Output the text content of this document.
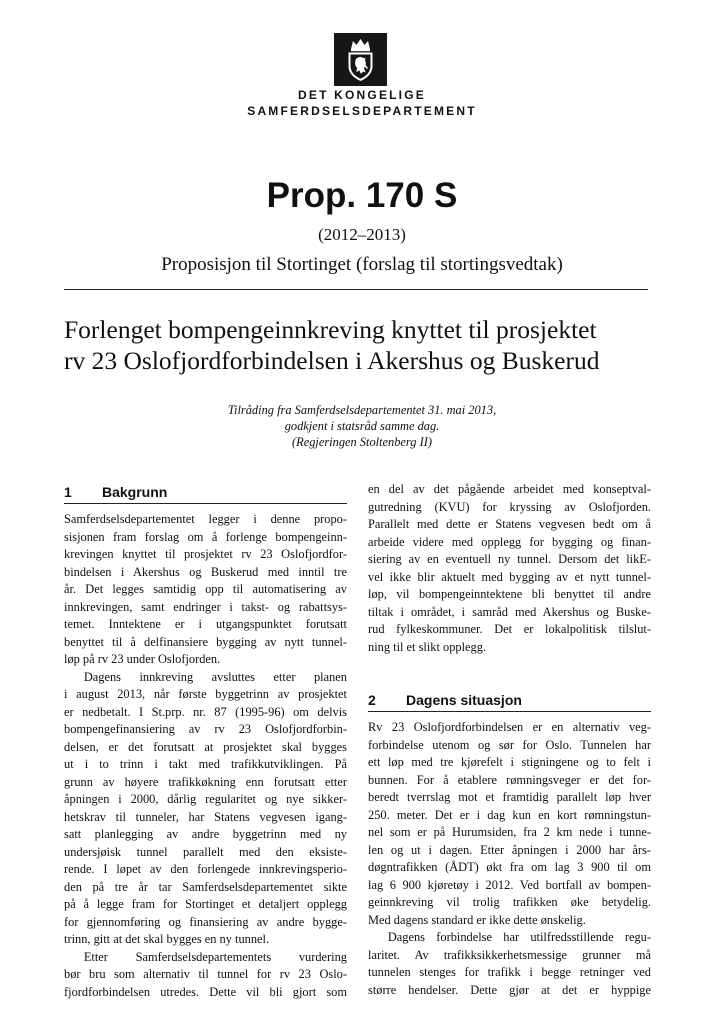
DET KONGELIGE
SAMFERDSELSDEPARTEMENT
Prop. 170 S
(2012–2013)
Proposisjon til Stortinget (forslag til stortingsvedtak)
Forlenget bompengeinnkreving knyttet til prosjektet
rv 23 Oslofjordforbindelsen i Akershus og Buskerud
Tilråding fra Samferdselsdepartementet 31. mai 2013,
godkjent i statsråd samme dag.
(Regjeringen Stoltenberg II)
1 Bakgrunn
Samferdselsdepartementet legger i denne propo-
sisjonen fram forslag om å forlenge bompengeinn-
krevingen knyttet til prosjektet rv 23 Oslofjordfor-
bindelsen i Akershus og Buskerud med inntil tre
år. Det legges samtidig opp til automatisering av
innkrevingen, samt endringer i takst- og rabattsys-
temet. Inntektene er i utgangspunktet forutsatt
benyttet til å delfinansiere bygging av nytt tunnel-
løp på rv 23 under Oslofjorden.
Dagens innkreving avsluttes etter planen
i august 2013, når første byggetrinn av prosjektet
er nedbetalt. I St.prp. nr. 87 (1995-96) om delvis
bompengefinansiering av rv 23 Oslofjordforbin-
delsen, er det forutsatt at prosjektet skal bygges
ut i to trinn i takt med trafikkutviklingen. På
grunn av høyere trafikkøkning enn forutsatt etter
åpningen i 2000, dårlig regularitet og nye sikker-
hetskrav til tunneler, har Statens vegvesen igang-
satt planlegging av andre byggetrinn med ny
undersjøisk tunnel parallelt med den eksiste-
rende. I løpet av den forlengede innkrevingsperio-
den på tre år tar Samferdselsdepartementet sikte
på å legge fram for Stortinget et detaljert opplegg
for gjennomføring og finansiering av andre bygge-
trinn, gitt at det skal bygges en ny tunnel.
Etter Samferdselsdepartementets vurdering
bør bru som alternativ til tunnel for rv 23 Oslo-
fjordforbindelsen utredes. Dette vil bli gjort som
en del av det pågående arbeidet med konseptval-
gutredning (KVU) for kryssing av Oslofjorden.
Parallelt med dette er Statens vegvesen bedt om å
arbeide videre med opplegg for bygging og finan-
siering av en eventuell ny tunnel. Dersom det likE-
vel ikke blir aktuelt med bygging av et nytt tunnel-
løp, vil bompengeinntektene bli benyttet til andre
tiltak i området, i samråd med Akershus og Buske-
rud fylkeskommuner. Det er lokalpolitisk tilslut-
ning til et slikt opplegg.
2 Dagens situasjon
Rv 23 Oslofjordforbindelsen er en alternativ veg-
forbindelse utenom og sør for Oslo. Tunnelen har
ett løp med tre kjørefelt i stigningene og to felt i
bunnen. For å etablere rømningsveger er det for-
beredt tverrslag mot et framtidig parallelt løp hver
250. meter. Det er i dag kun en kort rømningstun-
nel som er på Hurumsiden, fra 2 km nede i tunne-
len og ut i dagen. Etter åpningen i 2000 har års-
døgntrafikken (ÅDT) økt fra om lag 3 900 til om
lag 6 900 kjøretøy i 2012. Ved bortfall av bompen-
geinnkreving vil trolig trafikken øke betydelig.
Med dagens standard er ikke dette ønskelig.
Dagens forbindelse har utilfredsstillende regu-
laritet. Av trafikksikkerhetsmessige grunner må
tunnelen stenges for trafikk i begge retninger ved
større hendelser. Dette gjør at det er hyppige
